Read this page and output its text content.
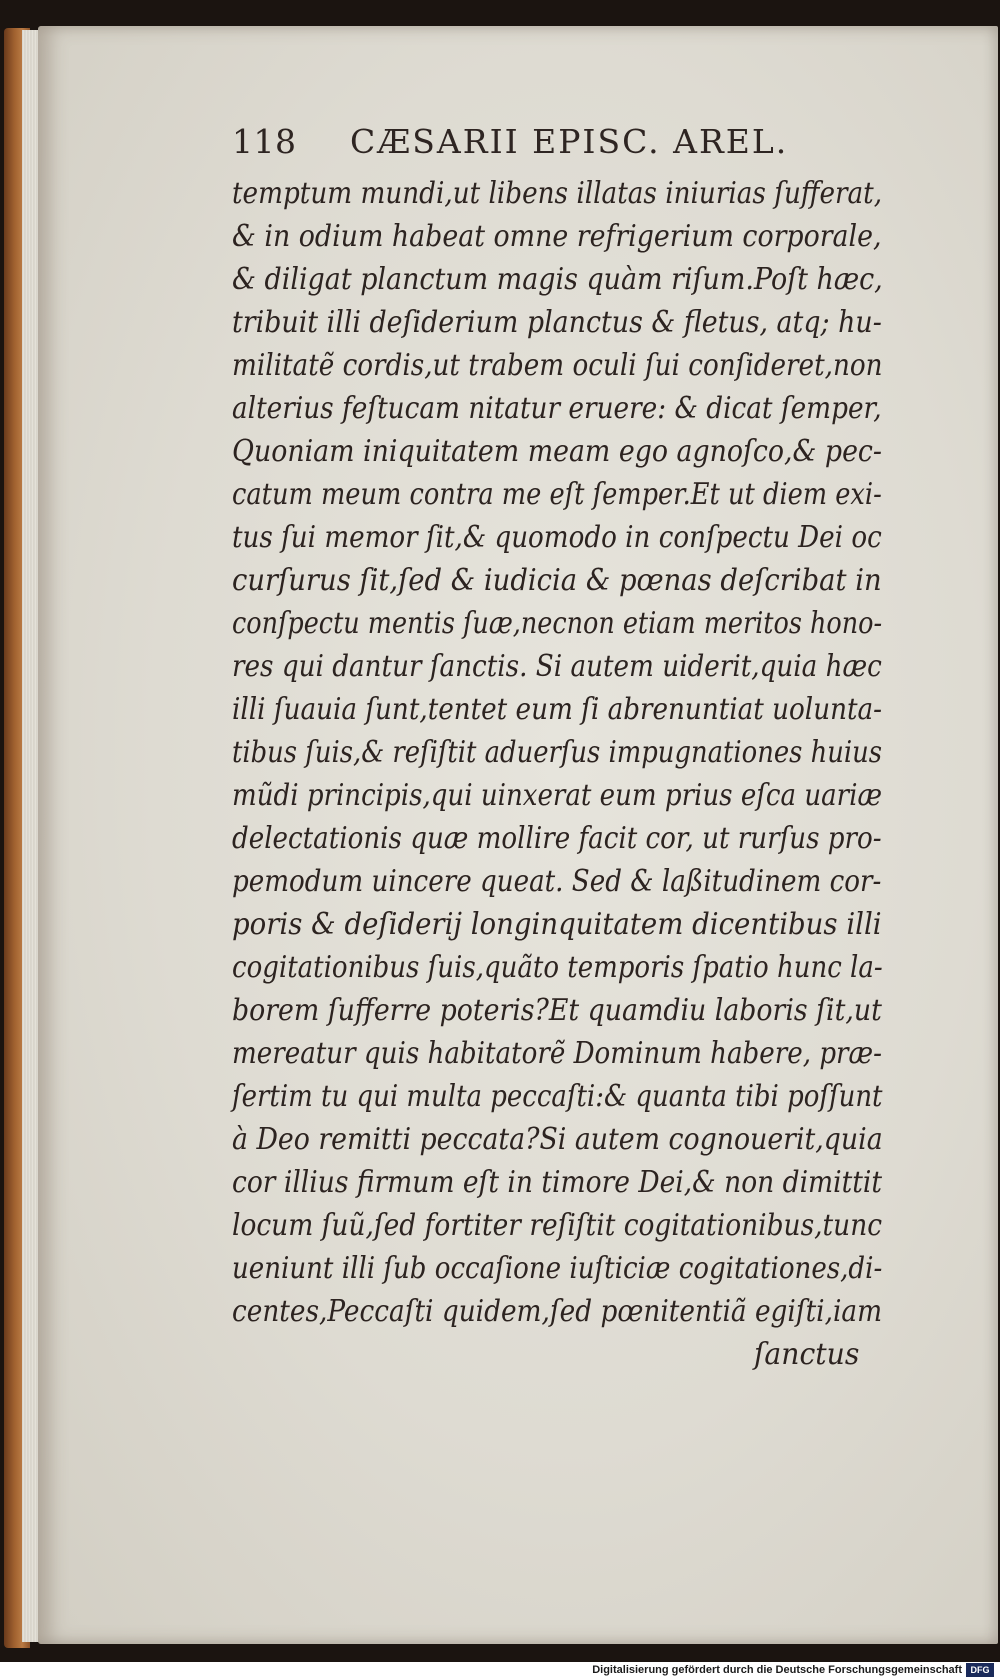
118 CÆSARII EPISC. AREL.
temptum mundi,ut libens illatas iniurias ſufferat,
& in odium habeat omne refrigerium corporale,
& diligat planctum magis quàm riſum.Poſt hæc,
tribuit illi deſiderium planctus & fletus, atq; hu-
militatẽ cordis,ut trabem oculi ſui conſideret,non
alterius feſtucam nitatur eruere: & dicat ſemper,
Quoniam iniquitatem meam ego agnoſco,& pec-
catum meum contra me eſt ſemper.Et ut diem exi-
tus ſui memor ſit,& quomodo in conſpectu Dei oc
curſurus ſit,ſed & iudicia & pœnas deſcribat in
conſpectu mentis ſuæ,necnon etiam meritos hono-
res qui dantur ſanctis. Si autem uiderit,quia hæc
illi ſuauia ſunt,tentet eum ſi abrenuntiat uolunta-
tibus ſuis,& reſiſtit aduerſus impugnationes huius
mũdi principis,qui uinxerat eum prius eſca uariæ
delectationis quæ mollire facit cor, ut rurſus pro-
pemodum uincere queat. Sed & laßitudinem cor-
poris & deſiderij longinquitatem dicentibus illi
cogitationibus ſuis,quãto temporis ſpatio hunc la-
borem ſufferre poteris?Et quamdiu laboris ſit,ut
mereatur quis habitatorẽ Dominum habere, præ-
ſertim tu qui multa peccaſti:& quanta tibi poſſunt
à Deo remitti peccata?Si autem cognouerit,quia
cor illius firmum eſt in timore Dei,& non dimittit
locum ſuũ,ſed fortiter reſiſtit cogitationibus,tunc
ueniunt illi ſub occaſione iuſticiæ cogitationes,di-
centes,Peccaſti quidem,ſed pœnitentiã egiſti,iam
ſanctus
Digitalisierung gefördert durch die Deutsche Forschungsgemeinschaft DFG
